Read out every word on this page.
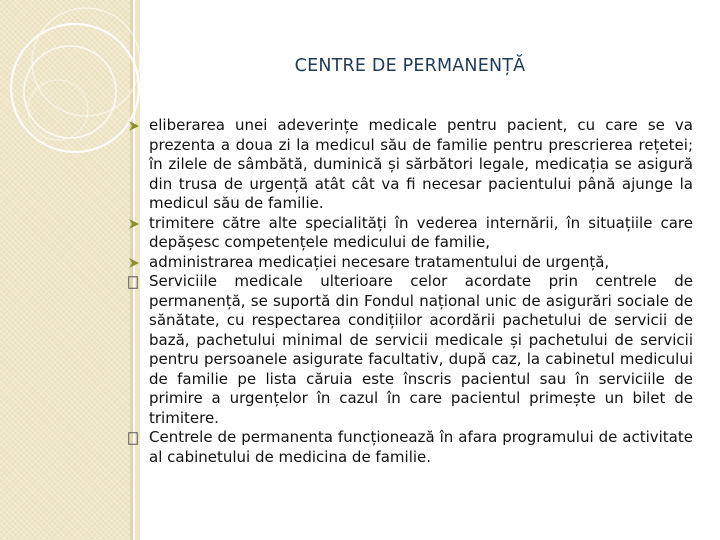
CENTRE DE PERMANENȚĂ
eliberarea unei adeverințe medicale pentru pacient, cu care se va prezenta a doua zi la medicul său de familie pentru prescrierea rețetei; în zilele de sâmbătă, duminică și sărbători legale, medicația se asigură din trusa de urgență atât cât va fi necesar pacientului până ajunge la medicul său de familie.
trimitere către alte specialități în vederea internării, în situațiile care depășesc competențele medicului de familie,
administrarea medicației necesare tratamentului de urgență,
Serviciile medicale ulterioare celor acordate prin centrele de permanență, se suportă din Fondul național unic de asigurări sociale de sănătate, cu respectarea condițiilor acordării pachetului de servicii de bază, pachetului minimal de servicii medicale și pachetului de servicii pentru persoanele asigurate facultativ, după caz, la cabinetul medicului de familie pe lista căruia este înscris pacientul sau în serviciile de primire a urgențelor în cazul în care pacientul primește un bilet de trimitere.
Centrele de permanenta funcționează în afara programului de activitate al cabinetului de medicina de familie.
